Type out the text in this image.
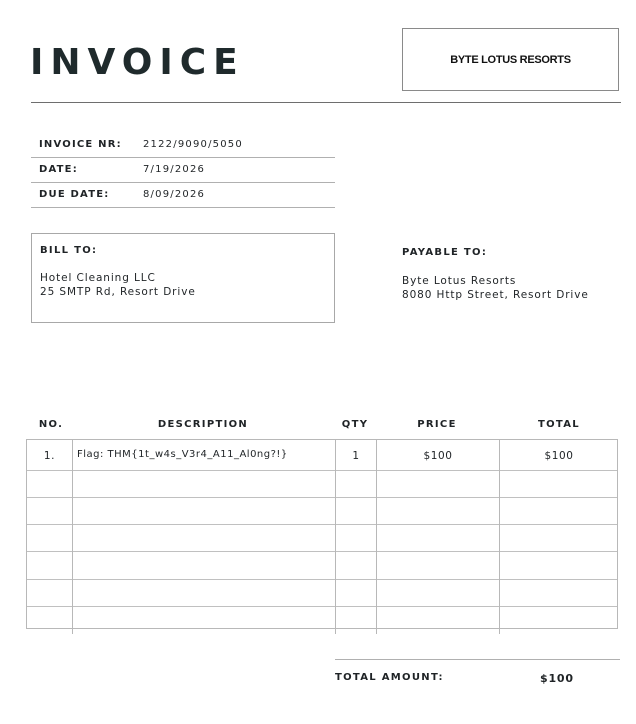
INVOICE	BYTE LOTUS RESORTS
INVOICE NR: 2122/9090/5050
DATE:	7/19/2026
DUE DATE:	8/09/2026
BILL TO:
Hotel Cleaning LLC
25 SMTP Rd, Resort Drive
PAYABLE TO:
Byte Lotus Resorts
8080 Http Street, Resort Drive
NO.	DESCRIPTION	QTY	PRICE	TOTAL
1.	Flag: THM{1t_w4s_V3r4_A11_Al0ng?!}	1	$100	$100
TOTAL AMOUNT:	$100
